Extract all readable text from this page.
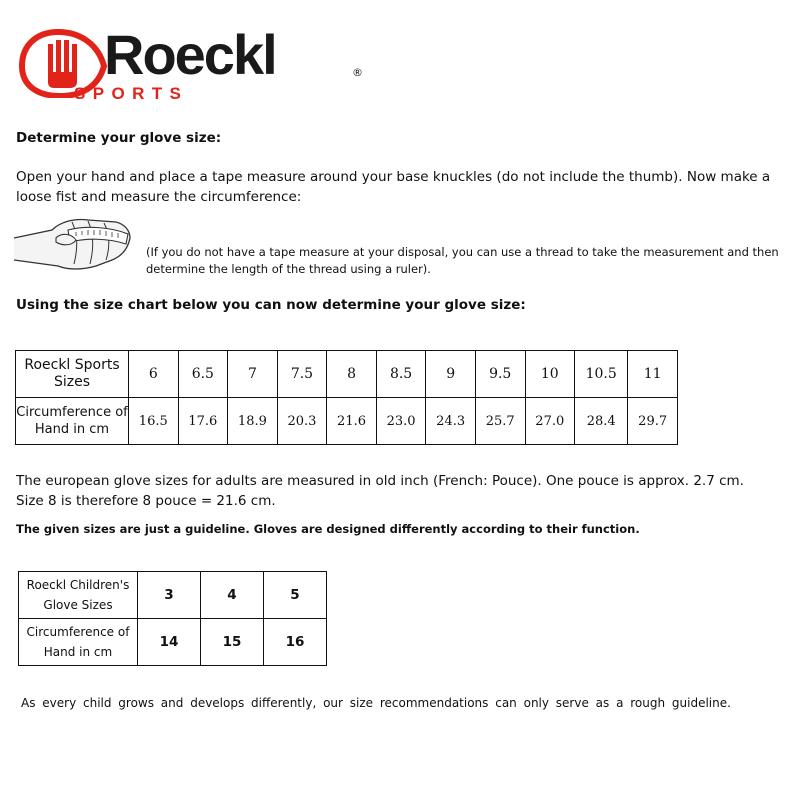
Roeckl	®
SPORTS
Determine your glove size:
Open your hand and place a tape measure around your base knuckles (do not include the thumb). Now make a loose fist and measure the circumference:
(If you do not have a tape measure at your disposal, you can use a thread to take the measurement and then determine the length of the thread using a ruler).
Using the size chart below you can now determine your glove size:
Roeckl Sports Sizes	6	6.5	7	7.5	8	8.5	9	9.5	10	10.5	11
Circumference of Hand in cm	16.5	17.6	18.9	20.3	21.6	23.0	24.3	25.7	27.0	28.4	29.7
The european glove sizes for adults are measured in old inch (French: Pouce). One pouce is approx. 2.7 cm.
Size 8 is therefore 8 pouce = 21.6 cm.
The given sizes are just a guideline. Gloves are designed differently according to their function.
Roeckl Children's
Glove Sizes	3	4	5

Circumference of
Hand in cm	14	15	16
As every child grows and develops differently, our size recommendations can only serve as a rough guideline.
